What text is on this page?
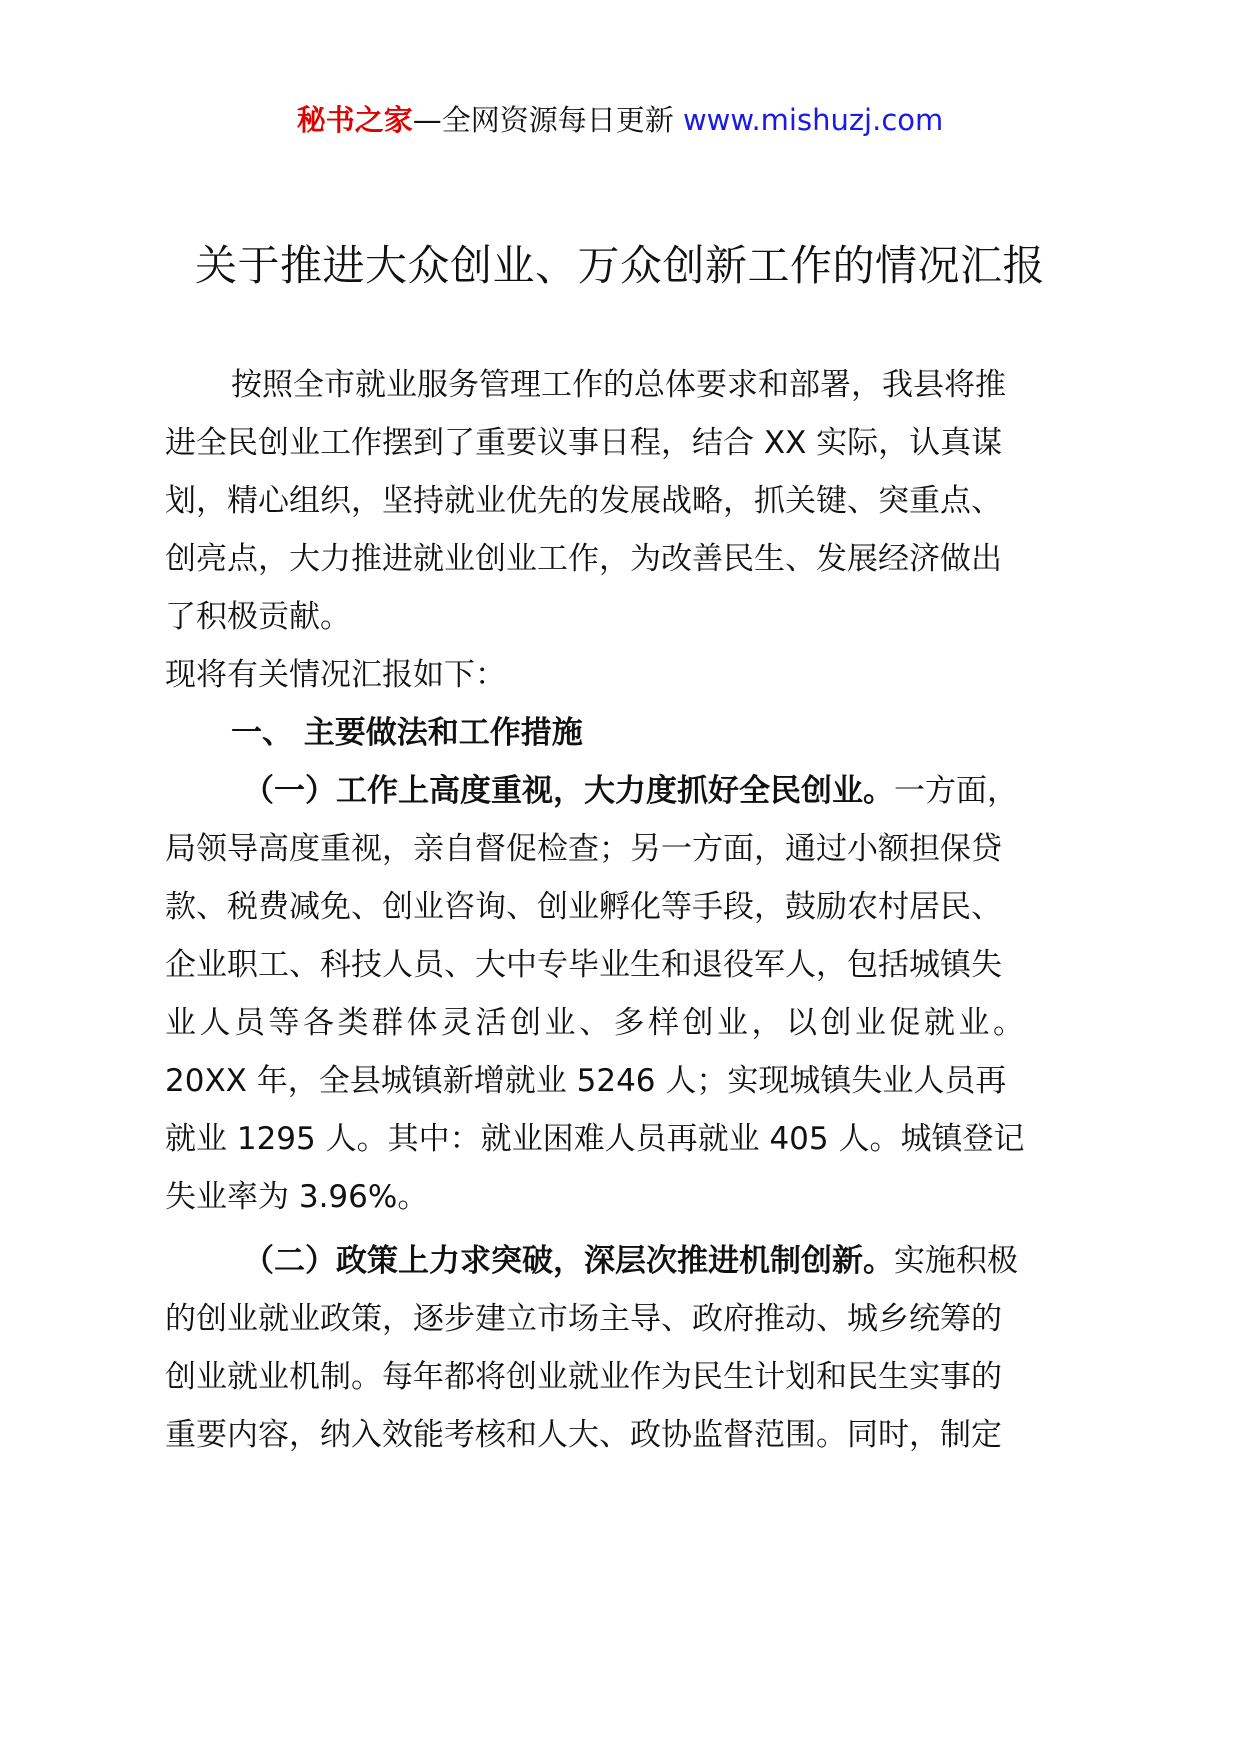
秘书之家—全网资源每日更新 www.mishuzj.com
关于推进大众创业、万众创新工作的情况汇报
按照全市就业服务管理工作的总体要求和部署，我县将推
进全民创业工作摆到了重要议事日程，结合 XX 实际，认真谋
划，精心组织，坚持就业优先的发展战略，抓关键、突重点、
创亮点，大力推进就业创业工作，为改善民生、发展经济做出
了积极贡献。
现将有关情况汇报如下：
一、 主要做法和工作措施
（一）工作上高度重视，大力度抓好全民创业。一方面，
局领导高度重视，亲自督促检查；另一方面，通过小额担保贷
款、税费减免、创业咨询、创业孵化等手段，鼓励农村居民、
企业职工、科技人员、大中专毕业生和退役军人，包括城镇失
业人员等各类群体灵活创业、多样创业，以创业促就业。
20XX 年，全县城镇新增就业 5246 人；实现城镇失业人员再
就业 1295 人。其中：就业困难人员再就业 405 人。城镇登记
失业率为 3.96%。
（二）政策上力求突破，深层次推进机制创新。实施积极
的创业就业政策，逐步建立市场主导、政府推动、城乡统筹的
创业就业机制。每年都将创业就业作为民生计划和民生实事的
重要内容，纳入效能考核和人大、政协监督范围。同时，制定
